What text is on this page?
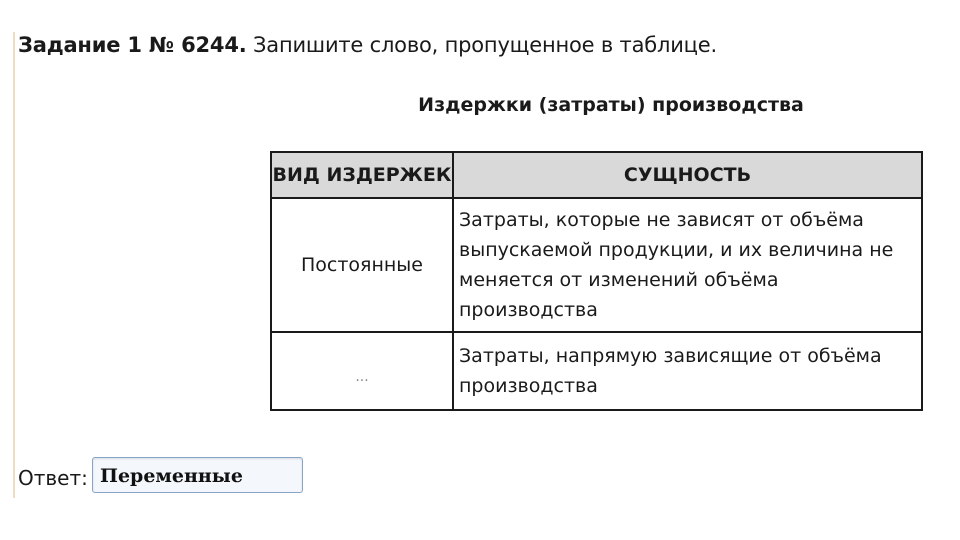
Задание 1 № 6244. Запишите слово, пропущенное в таблице.
Издержки (затраты) производства
ВИД ИЗДЕРЖЕК	СУЩНОСТЬ
Постоянные	Затраты, которые не зависят от объёма
выпускаемой продукции, и их величина не
меняется от изменений объёма производства

...	Затраты, напрямую зависящие от объёма
производства
Ответ: Переменные
